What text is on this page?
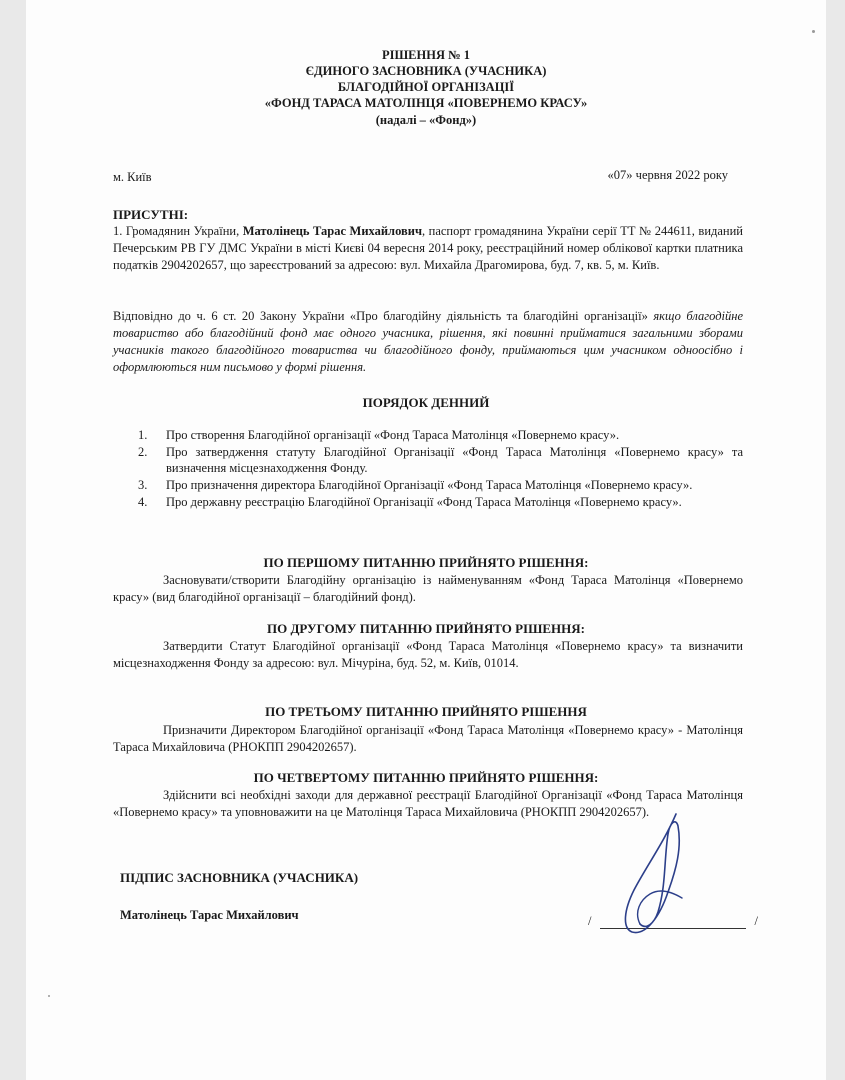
РІШЕННЯ № 1
ЄДИНОГО ЗАСНОВНИКА (УЧАСНИКА)
БЛАГОДІЙНОЇ ОРГАНІЗАЦІЇ
«ФОНД ТАРАСА МАТОЛІНЦЯ «ПОВЕРНЕМО КРАСУ»
(надалі – «Фонд»)
м. Київ	«07» червня 2022 року
ПРИСУТНІ:
1. Громадянин України, Матолінець Тарас Михайлович, паспорт громадянина України серії ТТ № 244611, виданий Печерським РВ ГУ ДМС України в місті Києві 04 вересня 2014 року, реєстраційний номер облікової картки платника податків 2904202657, що зареєстрований за адресою: вул. Михайла Драгомирова, буд. 7, кв. 5, м. Київ.
Відповідно до ч. 6 ст. 20 Закону України «Про благодійну діяльність та благодійні організації» якщо благодійне товариство або благодійний фонд має одного учасника, рішення, які повинні прийматися загальними зборами учасників такого благодійного товариства чи благодійного фонду, приймаються цим учасником одноосібно і оформлюються ним письмово у формі рішення.
ПОРЯДОК ДЕННИЙ
1. Про створення Благодійної організації «Фонд Тараса Матолінця «Повернемо красу».
2. Про затвердження статуту Благодійної Організації «Фонд Тараса Матолінця «Повернемо красу» та визначення місцезнаходження Фонду.
3. Про призначення директора Благодійної Організації «Фонд Тараса Матолінця «Повернемо красу».
4. Про державну реєстрацію Благодійної Організації «Фонд Тараса Матолінця «Повернемо красу».
ПО ПЕРШОМУ ПИТАННЮ ПРИЙНЯТО РІШЕННЯ:
Засновувати/створити Благодійну організацію із найменуванням «Фонд Тараса Матолінця «Повернемо красу» (вид благодійної організації – благодійний фонд).
ПО ДРУГОМУ ПИТАННЮ ПРИЙНЯТО РІШЕННЯ:
Затвердити Статут Благодійної організації «Фонд Тараса Матолінця «Повернемо красу» та визначити місцезнаходження Фонду за адресою: вул. Мічуріна, буд. 52, м. Київ, 01014.
ПО ТРЕТЬОМУ ПИТАННЮ ПРИЙНЯТО РІШЕННЯ
Призначити Директором Благодійної організації «Фонд Тараса Матолінця «Повернемо красу» - Матолінця Тараса Михайловича (РНОКПП 2904202657).
ПО ЧЕТВЕРТОМУ ПИТАННЮ ПРИЙНЯТО РІШЕННЯ:
Здійснити всі необхідні заходи для державної реєстрації Благодійної Організації «Фонд Тараса Матолінця «Повернемо красу» та уповноважити на це Матолінця Тараса Михайловича (РНОКПП 2904202657).
ПІДПИС ЗАСНОВНИКА (УЧАСНИКА)
Матолінець Тарас Михайлович	/	/
